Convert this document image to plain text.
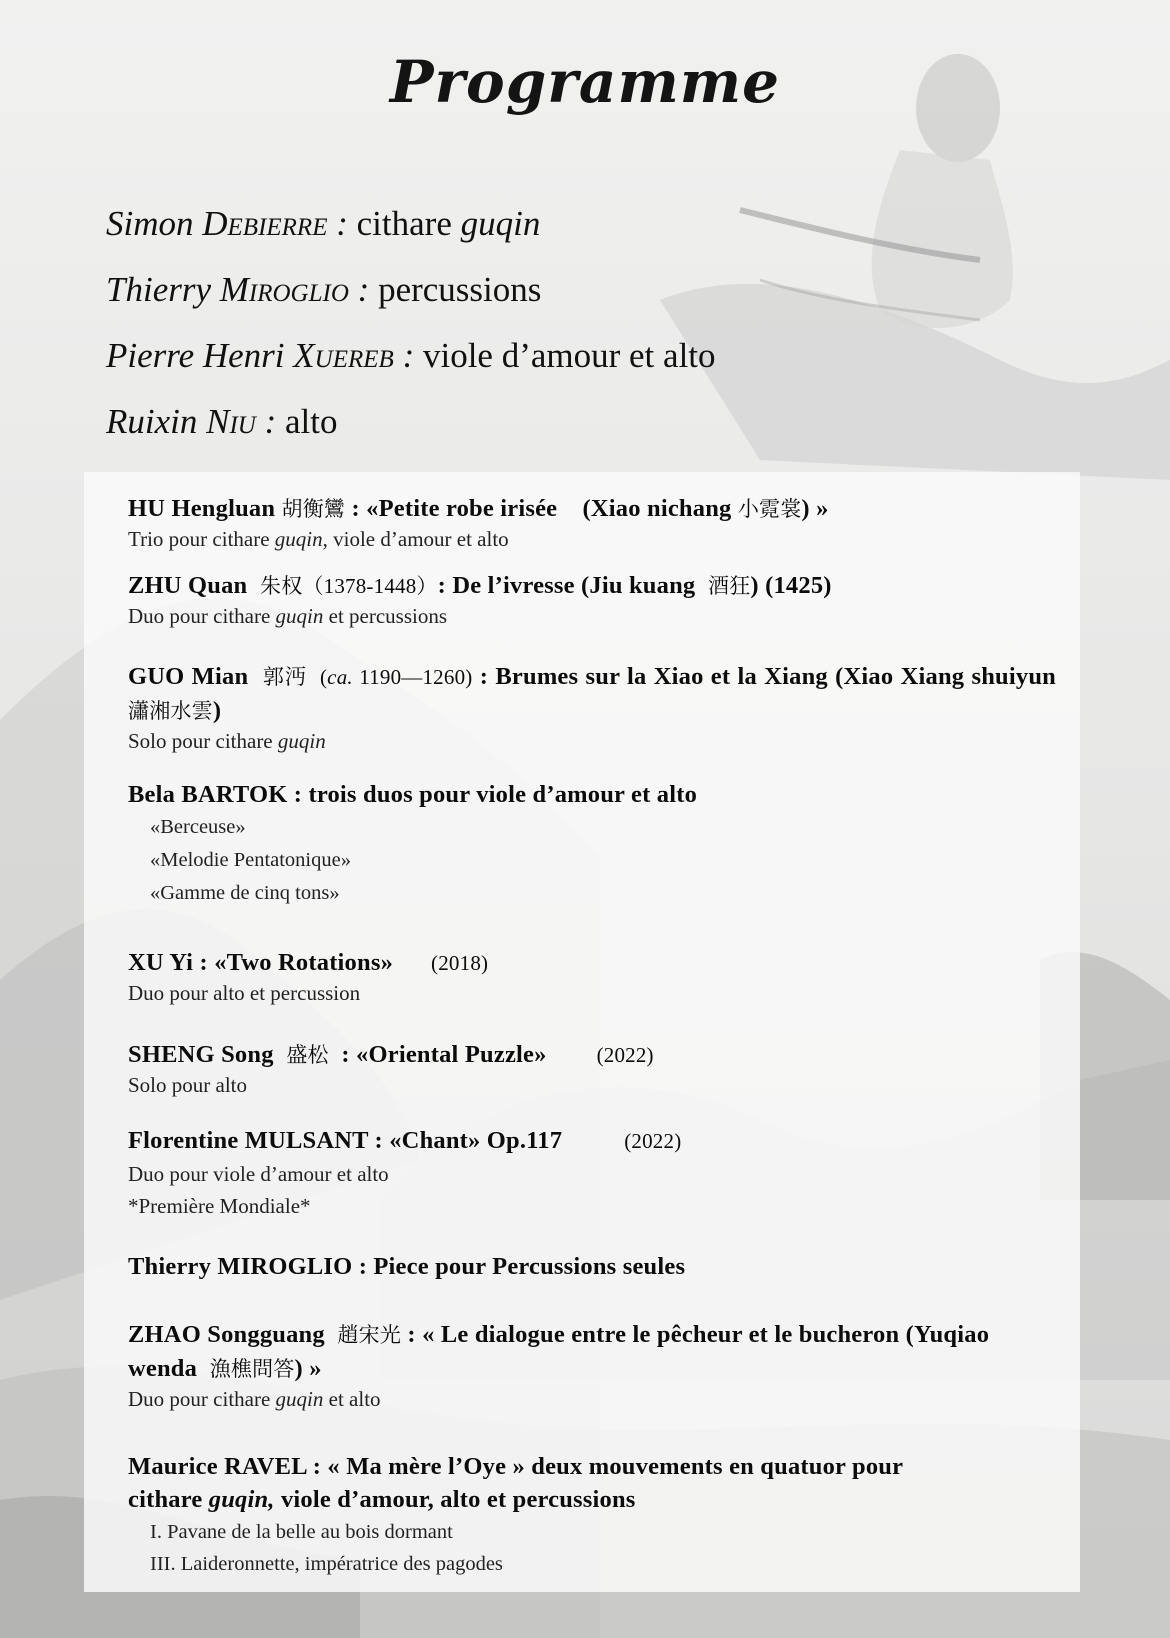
Programme
Simon Debierre : cithare guqin
Thierry Miroglio : percussions
Pierre Henri Xuereb : viole d’amour et alto
Ruixin Niu : alto
HU Hengluan 胡衡鸞 : «Petite robe irisée    (Xiao nichang 小霓裳) »
Trio pour cithare guqin, viole d’amour et alto
ZHU Quan  朱权（1378-1448）: De l’ivresse (Jiu kuang  酒狂) (1425)
Duo pour cithare guqin et percussions
GUO Mian  郭沔  (ca. 1190—1260) : Brumes sur la Xiao et la Xiang (Xiao Xiang shuiyun 瀟湘水雲)
Solo pour cithare guqin
Bela BARTOK : trois duos pour viole d’amour et alto
«Berceuse»
«Melodie Pentatonique»
«Gamme de cinq tons»
XU Yi : «Two Rotations» (2018)
Duo pour alto et percussion
SHENG Song  盛松  : «Oriental Puzzle» (2022)
Solo pour alto
Florentine MULSANT : «Chant» Op.117	(2022)
Duo pour viole d’amour et alto
*Première Mondiale*
Thierry MIROGLIO : Piece pour Percussions seules
ZHAO Songguang  趙宋光 : « Le dialogue entre le pêcheur et le bucheron (Yuqiao wenda  漁樵問答) »
Duo pour cithare guqin et alto
Maurice RAVEL : « Ma mère l’Oye » deux mouvements en quatuor pour cithare guqin, viole d’amour, alto et percussions
I. Pavane de la belle au bois dormant
III. Laideronnette, impératrice des pagodes
